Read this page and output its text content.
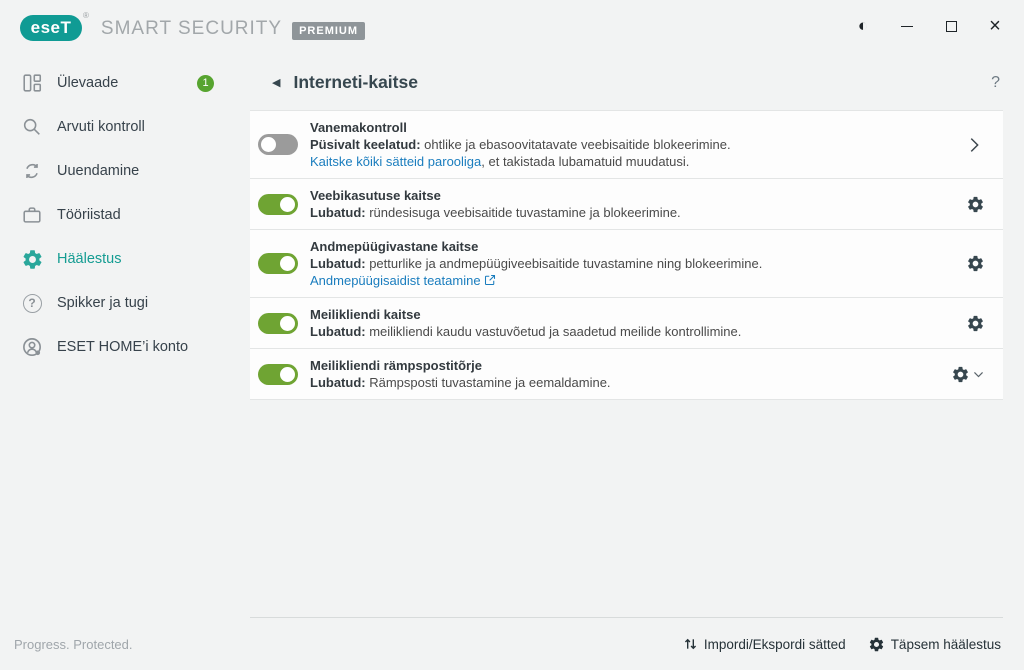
eseT
®
SMART SECURITY	PREMIUM	◐	×
Ülevaade	1
Arvuti kontroll
Uuendamine
Tööriistad
Häälestus
?	Spikker ja tugi
ESET HOME’i konto
Progress. Protected.
◀ Interneti-kaitse	?
Vanemakontroll
Püsivalt keelatud: ohtlike ja ebasoovitatavate veebisaitide blokeerimine.
Kaitske kõiki sätteid parooliga, et takistada lubamatuid muudatusi.
Veebikasutuse kaitse
Lubatud: ründesisuga veebisaitide tuvastamine ja blokeerimine.
Andmepüügivastane kaitse
Lubatud: petturlike ja andmepüügiveebisaitide tuvastamine ning blokeerimine.
Andmepüügisaidist teatamine
Meilikliendi kaitse
Lubatud: meilikliendi kaudu vastuvõetud ja saadetud meilide kontrollimine.
Meilikliendi rämpspostitõrje
Lubatud: Rämpsposti tuvastamine ja eemaldamine.
Impordi/Ekspordi sätted	Täpsem häälestus
